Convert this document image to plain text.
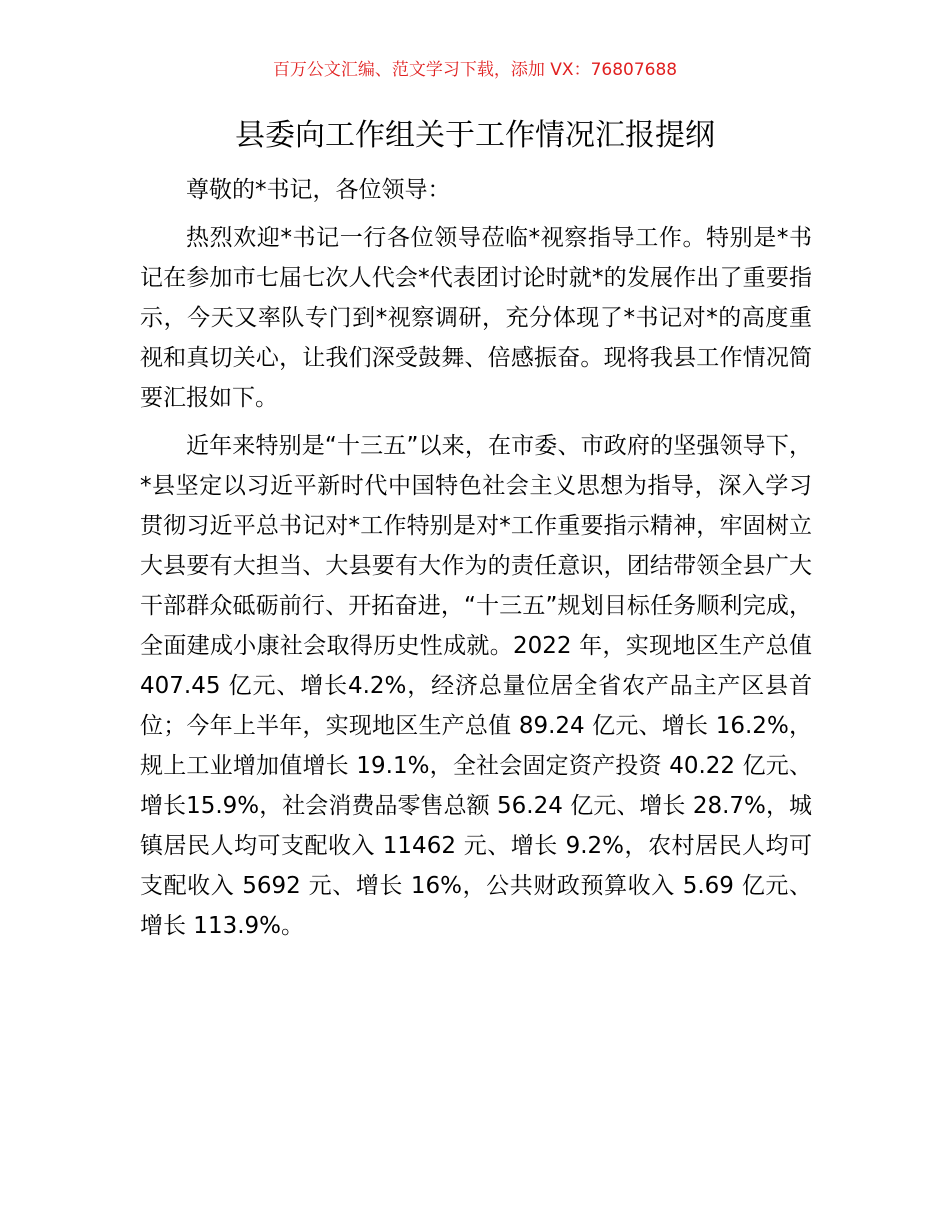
百万公文汇编、范文学习下载，添加 VX：76807688
县委向工作组关于工作情况汇报提纲

尊敬的*书记，各位领导：

热烈欢迎*书记一行各位领导莅临*视察指导工作。特别是*书记在参加市七届七次人代会*代表团讨论时就*的发展作出了重要指示，今天又率队专门到*视察调研，充分体现了*书记对*的高度重视和真切关心，让我们深受鼓舞、倍感振奋。现将我县工作情况简要汇报如下。

近年来特别是“十三五”以来，在市委、市政府的坚强领导下，*县坚定以习近平新时代中国特色社会主义思想为指导，深入学习贯彻习近平总书记对*工作特别是对*工作重要指示精神，牢固树立大县要有大担当、大县要有大作为的责任意识，团结带领全县广大干部群众砥砺前行、开拓奋进，“十三五”规划目标任务顺利完成，全面建成小康社会取得历史性成就。2022 年，实现地区生产总值 407.45 亿元、增长4.2%，经济总量位居全省农产品主产区县首位；今年上半年，实现地区生产总值 89.24 亿元、增长 16.2%，规上工业增加值增长 19.1%，全社会固定资产投资 40.22 亿元、增长15.9%，社会消费品零售总额 56.24 亿元、增长 28.7%，城镇居民人均可支配收入 11462 元、增长 9.2%，农村居民人均可支配收入 5692 元、增长 16%，公共财政预算收入 5.69 亿元、增长 113.9%。
